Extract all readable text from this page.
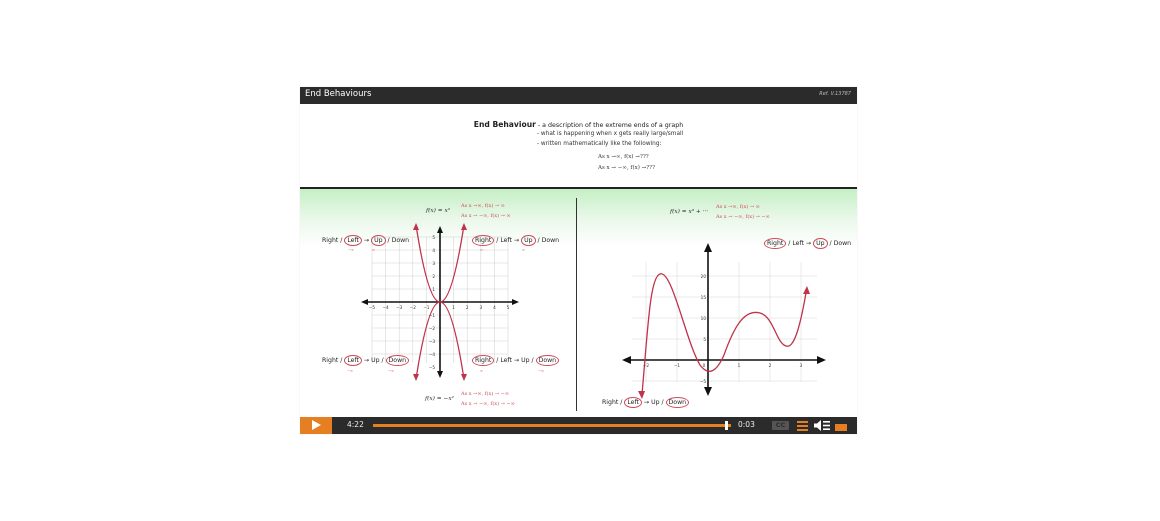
End Behaviours	Ref. V.13787
End Behaviour - a description of the extreme ends of a graph
- what is happening when x gets really large/small
- written mathematically like the following:
As x →∞, f(x) →???
As x → −∞, f(x) →???
f(x) = x²
As x →∞, f(x) → ∞
As x → −∞, f(x) → ∞
−5 −4 −3 −2 −1	1	2	3	4	5
5
4
3
2
1
−1
−2
−3
−4
−5
Right / Left → Up / Down
−∞	∞
Right / Left → Up / Down
∞	∞
Right / Left → Up / Down
−∞	−∞
Right / Left → Up / Down
∞	−∞
f(x) = −x²
As x →∞, f(x) → −∞
As x → −∞, f(x) → −∞
f(x) = x³ + ···
As x →∞, f(x) → ∞
As x → −∞, f(x) → −∞
Right / Left → Up / Down
−2	−1	0	1	2	3
20
15
10
5
−5
Right / Left → Up / Down
4:22	0:03	CC
